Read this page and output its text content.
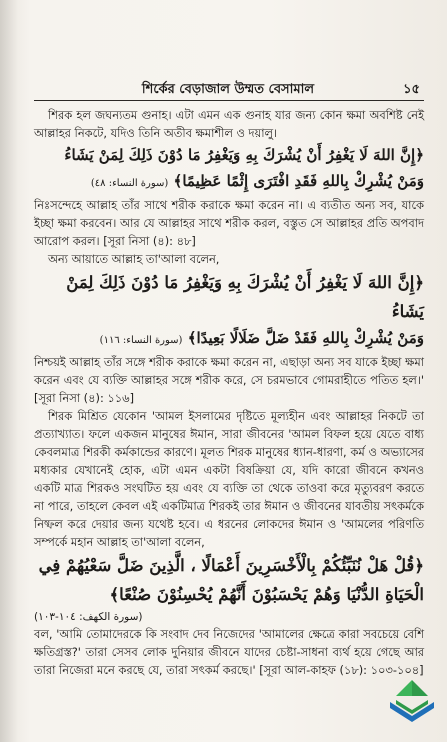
শির্কের বেড়াজাল উম্মত বেসামাল	১৫

শিরক হল জঘন্যতম গুনাহ। এটা এমন এক গুনাহ যার জন্য কোন ক্ষমা অবশিষ্ট নেই আল্লাহর নিকটে, যদিও তিনি অতীব ক্ষমাশীল ও দয়ালু।

﴿إِنَّ اللهَ لَا يَغْفِرُ أَنْ يُشْرَكَ بِهِ وَيَغْفِرُ مَا دُوْنَ ذَلِكَ لِمَنْ يَشَاءُ

وَمَنْ يُشْرِكْ بِاللهِ فَقَدِ افْتَرَى إِثْمًا عَظِيمًا﴾ (سورة النساء: ٤٨)

নিঃসন্দেহে আল্লাহ তাঁর সাথে শরীক করাকে ক্ষমা করেন না। এ ব্যতীত অন্য সব, যাকে ইচ্ছা ক্ষমা করবেন। আর যে আল্লাহর সাথে শরীক করল, বস্তুত সে আল্লাহর প্রতি অপবাদ আরোপ করল। [সূরা নিসা (৪): ৪৮]

অন্য আয়াতে আল্লাহ তা'আলা বলেন,

﴿إِنَّ اللهَ لَا يَغْفِرُ أَنْ يُشْرَكَ بِهِ وَيَغْفِرُ مَا دُوْنَ ذَلِكَ لِمَنْ يَشَاءُ

وَمَنْ يُشْرِكْ بِاللهِ فَقَدْ ضَلَّ ضَلَالًا بَعِيدًا﴾ (سورة النساء: ١١٦)

নিশ্চয়ই আল্লাহ তাঁর সঙ্গে শরীক করাকে ক্ষমা করেন না, এছাড়া অন্য সব যাকে ইচ্ছা ক্ষমা করেন এবং যে ব্যক্তি আল্লাহর সঙ্গে শরীক করে, সে চরমভাবে গোমরাহীতে পতিত হল।' [সূরা নিসা (৪): ১১৬]

শিরক মিশ্রিত যেকোন 'আমল ইসলামের দৃষ্টিতে মূল্যহীন এবং আল্লাহর নিকটে তা প্রত্যাখ্যাত। ফলে একজন মানুষের ঈমান, সারা জীবনের 'আমল বিফল হয়ে যেতে বাধ্য কেবলমাত্র শিরকী কর্মকান্ডের কারণে। মূলত শিরক মানুষের ধ্যান-ধারণা, কর্ম ও অভ্যাসের মধ্যকার যেখানেই হোক, এটা এমন একটা বিষক্রিয়া যে, যদি কারো জীবনে কখনও একটি মাত্র শিরকও সংঘটিত হয় এবং যে ব্যক্তি তা থেকে তাওবা করে মৃত্যুবরণ করতে না পারে, তাহলে কেবল এই একটিমাত্র শিরকই তার ঈমান ও জীবনের যাবতীয় সৎকর্মকে নিষ্ফল করে দেয়ার জন্য যথেষ্ট হবে। এ ধরনের লোকদের ঈমান ও 'আমলের পরিণতি সম্পর্কে মহান আল্লাহ তা'আলা বলেন,

﴿قُلْ هَلْ نُنَبِّئُكُمْ بِالْأَخْسَرِينَ أَعْمَالًا ، الَّذِينَ ضَلَّ سَعْيُهُمْ فِي

الْحَيَاةِ الدُّنْيَا وَهُمْ يَحْسَبُوْنَ أَنَّهُمْ يُحْسِنُوْنَ صُنْعًا﴾

(سورة الكهف: ١٠٤-١٠٣)

বল, 'আমি তোমাদেরকে কি সংবাদ দেব নিজেদের 'আমালের ক্ষেত্রে কারা সবচেয়ে বেশি ক্ষতিগ্রস্ত?' তারা সেসব লোক দুনিয়ার জীবনে যাদের চেষ্টা-সাধনা ব্যর্থ হয়ে গেছে আর তারা নিজেরা মনে করছে যে, তারা সৎকর্ম করছে।' [সূরা আল-কাহফ (১৮): ১০৩-১০৪]
